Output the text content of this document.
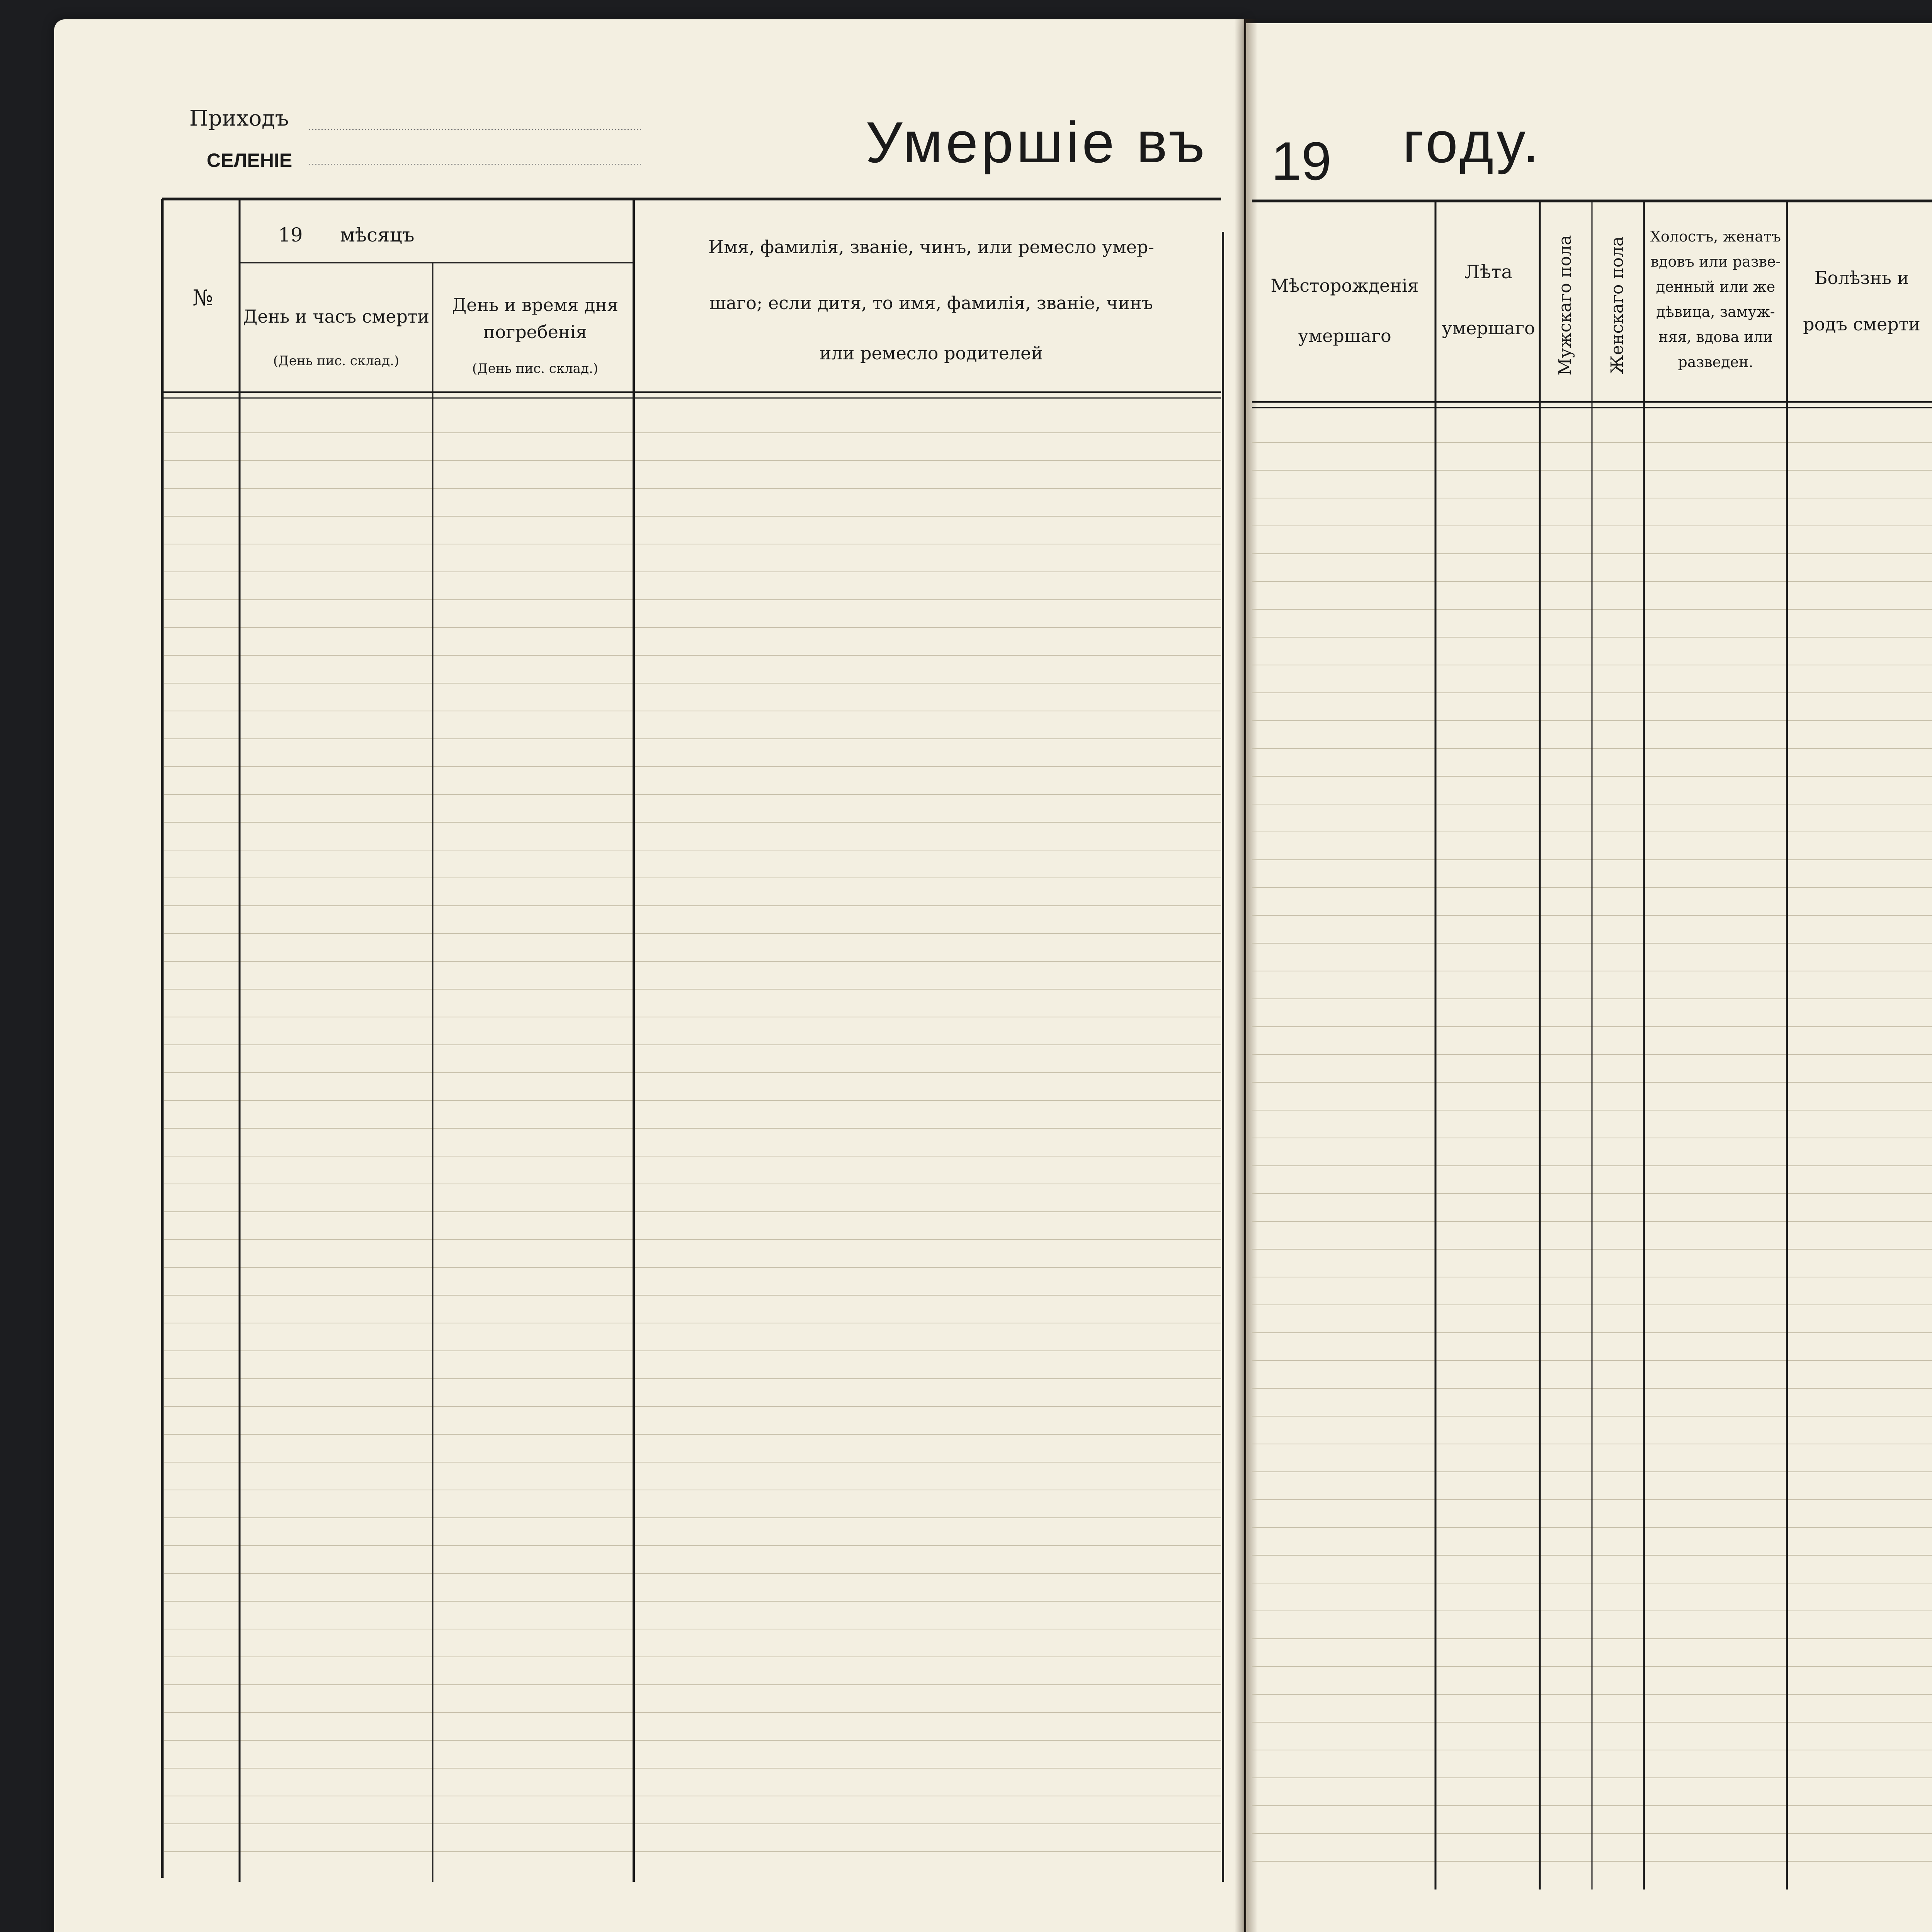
Приходъ
СЕЛЕНІЕ	Умершіе въ 19 году.
№
19 мѣсяцъ
День и часъ смерти
(День пис. склад.)
День и время дня
погребенія
(День пис. склад.)
Имя, фамилія, званіе, чинъ, или ремесло умер-
шаго; если дитя, то имя, фамилія, званіе, чинъ
или ремесло родителей
Мѣсторожденія
умершаго
Лѣта
умершаго Мужскаго пола Женскаго пола Холостъ, женатъ
вдовъ или разве-
денный или же
дѣвица, замуж-
няя, вдова или
разведен.
Болѣзнь и
родъ смерти
